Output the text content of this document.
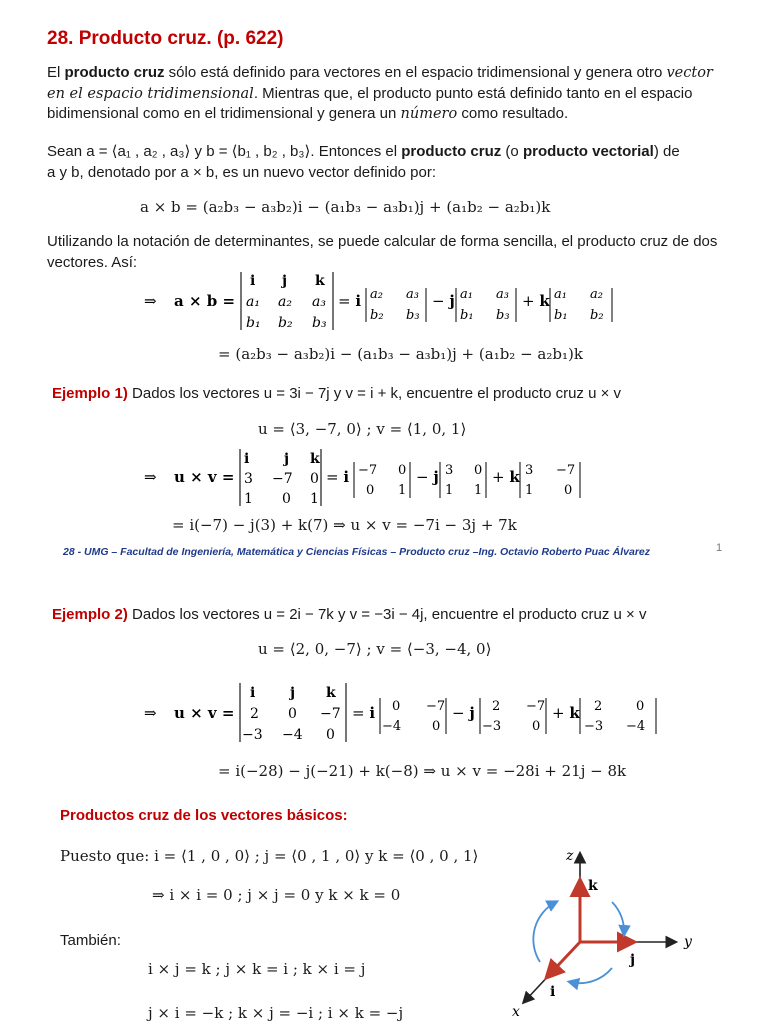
28. Producto cruz. (p. 622)
El producto cruz sólo está definido para vectores en el espacio tridimensional y genera otro vector en el espacio tridimensional. Mientras que, el producto punto está definido tanto en el espacio bidimensional como en el tridimensional y genera un número como resultado.
Sean a = ⟨a₁ , a₂ , a₃⟩ y b = ⟨b₁ , b₂ , b₃⟩. Entonces el producto cruz (o producto vectorial) de
a y b, denotado por a × b, es un nuevo vector definido por:
a × b = (a₂b₃ − a₃b₂)i − (a₁b₃ − a₃b₁)j + (a₁b₂ − a₂b₁)k
Utilizando la notación de determinantes, se puede calcular de forma sencilla, el producto cruz de dos vectores. Así:
⇒ a × b =
i j k
a₁ a₂ a₃
b₁ b₂ b₃
= i a₂ a₃
b₂ b₃
− j a₁ a₃
b₁ b₃
+ k a₁ a₂
b₁ b₂
= (a₂b₃ − a₃b₂)i − (a₁b₃ − a₃b₁)j + (a₁b₂ − a₂b₁)k
Ejemplo 1) Dados los vectores u = 3i − 7j y v = i + k, encuentre el producto cruz u × v
u = ⟨3, −7, 0⟩ ; v = ⟨1, 0, 1⟩
⇒ u × v =
i j k
3 −7 0
1 0 1
= i −7 0
0 1
− j 3 0
1 1
+ k 3 −7
1 0
= i(−7) − j(3) + k(7) ⇒ u × v = −7i − 3j + 7k
28 - UMG – Facultad de Ingeniería, Matemática y Ciencias Físicas – Producto cruz –Ing. Octavio Roberto Puac Álvarez	1
Ejemplo 2) Dados los vectores u = 2i − 7k y v = −3i − 4j, encuentre el producto cruz u × v
u = ⟨2, 0, −7⟩ ; v = ⟨−3, −4, 0⟩
⇒ u × v =
i j k
2 0 −7
−3 −4 0
= i 0 −7
−4 0
− j 2 −7
−3 0
+ k 2	0
−3 −4
= i(−28) − j(−21) + k(−8) ⇒ u × v = −28i + 21j − 8k
Productos cruz de los vectores básicos:
Puesto que: i = ⟨1 , 0 , 0⟩ ; j = ⟨0 , 1 , 0⟩ y k = ⟨0 , 0 , 1⟩
⇒ i × i = 0 ; j × j = 0 y k × k = 0
También:
i × j = k ; j × k = i ; k × i = j
j × i = −k ; k × j = −i ; i × k = −j
z
y
x
k
j
i
